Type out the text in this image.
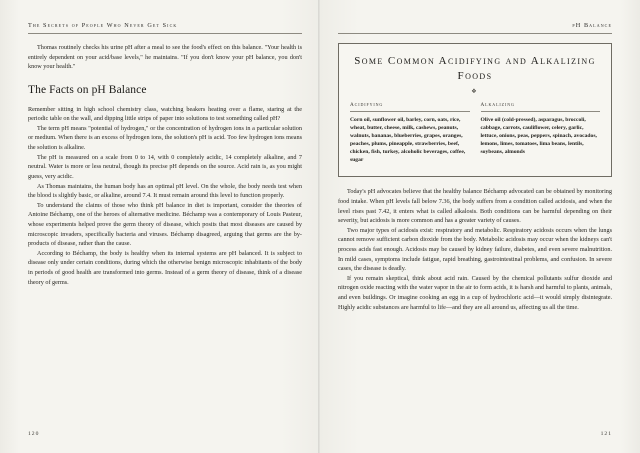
The Secrets of People Who Never Get Sick

Thomas routinely checks his urine pH after a meal to see the food's effect on this balance. "Your health is entirely dependent on your acid/base levels," he maintains. "If you don't know your pH balance, you don't know your health."

The Facts on pH Balance

Remember sitting in high school chemistry class, watching beakers heating over a flame, staring at the periodic table on the wall, and dipping little strips of paper into solutions to test something called pH?

The term pH means "potential of hydrogen," or the concentration of hydrogen ions in a particular solution or medium. When there is an excess of hydrogen ions, the solution's pH is acid. Too few hydrogen ions means the solution is alkaline.

The pH is measured on a scale from 0 to 14, with 0 completely acidic, 14 completely alkaline, and 7 neutral. Water is more or less neutral, though its precise pH depends on the source. Acid rain is, as you might guess, very acidic.

As Thomas maintains, the human body has an optimal pH level. On the whole, the body needs test when the blood is slightly basic, or alkaline, around 7.4. It must remain around this level to function properly.

To understand the claims of those who think pH balance in diet is important, consider the theories of Antoine Béchamp, one of the heroes of alternative medicine. Béchamp was a contemporary of Louis Pasteur, whose experiments helped prove the germ theory of disease, which posits that most diseases are caused by microscopic invaders, specifically bacteria and viruses. Béchamp disagreed, arguing that germs are the by-products of disease, rather than the cause.

According to Béchamp, the body is healthy when its internal systems are pH balanced. It is subject to disease only under certain conditions, during which the otherwise benign microscopic inhabitants of the body in periods of good health are transformed into germs. Instead of a germ theory of disease, think of a disease theory of germs.

120
pH Balance
Some Common Acidifying and Alkalizing Foods
❖
Acidifying
Corn oil, sunflower oil, barley, corn, oats, rice, wheat, butter, cheese, milk, cashews, peanuts, walnuts, bananas, blueberries, grapes, oranges, peaches, plums, pineapple, strawberries, beef, chicken, fish, turkey, alcoholic beverages, coffee, sugar
Alkalizing
Olive oil (cold-pressed), asparagus, broccoli, cabbage, carrots, cauliflower, celery, garlic, lettuce, onions, peas, peppers, spinach, avocados, lemons, limes, tomatoes, lima beans, lentils, soybeans, almonds

Today's pH advocates believe that the healthy balance Béchamp advocated can be obtained by monitoring food intake. When pH levels fall below 7.36, the body suffers from a condition called acidosis, and when the level rises past 7.42, it enters what is called alkalosis. Both conditions can be harmful depending on their severity, but acidosis is more common and has a greater variety of causes.

Two major types of acidosis exist: respiratory and metabolic. Respiratory acidosis occurs when the lungs cannot remove sufficient carbon dioxide from the body. Metabolic acidosis may occur when the kidneys can't process acids fast enough. Acidosis may be caused by kidney failure, diabetes, and even severe malnutrition. In mild cases, symptoms include fatigue, rapid breathing, gastrointestinal problems, and confusion. In severe cases, the disease is deadly.

If you remain skeptical, think about acid rain. Caused by the chemical pollutants sulfur dioxide and nitrogen oxide reacting with the water vapor in the air to form acids, it is harsh and harmful to plants, animals, and even buildings. Or imagine cooking an egg in a cup of hydrochloric acid—it would simply disintegrate. Highly acidic substances are harmful to life—and they are all around us, affecting us all the time.

121
